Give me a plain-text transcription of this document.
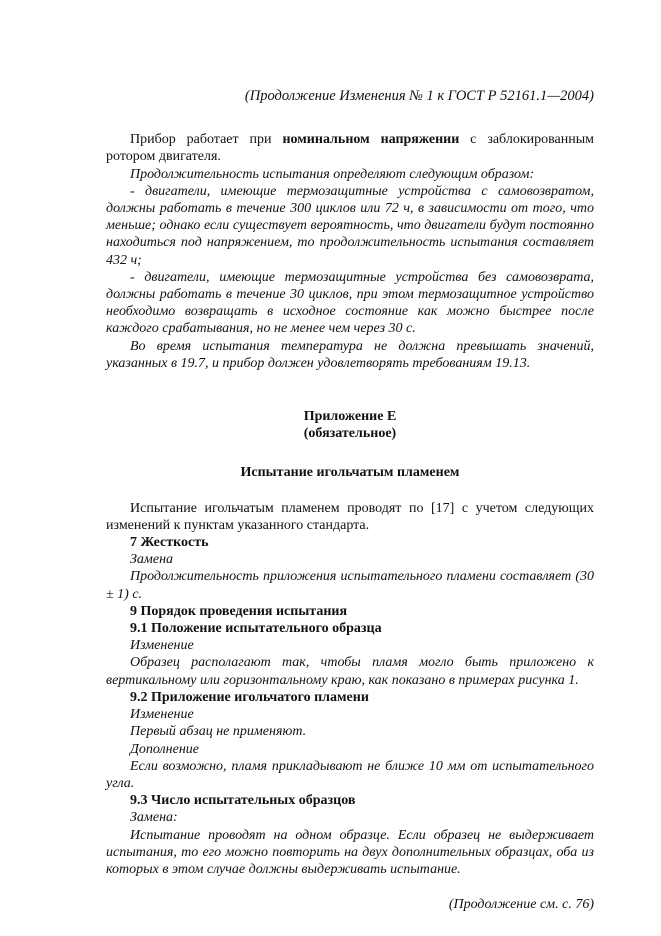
(Продолжение Изменения № 1 к ГОСТ Р 52161.1—2004)

Прибор работает при номинальном напряжении с заблокированным ротором двигателя.

Продолжительность испытания определяют следующим образом:

- двигатели, имеющие термозащитные устройства с самовозвратом, должны работать в течение 300 циклов или 72 ч, в зависимости от того, что меньше; однако если существует вероятность, что двигатели будут постоянно находиться под напряжением, то продолжительность испытания составляет 432 ч;

- двигатели, имеющие термозащитные устройства без самовозврата, должны работать в течение 30 циклов, при этом термозащитное устройство необходимо возвращать в исходное состояние как можно быстрее после каждого срабатывания, но не менее чем через 30 с.

Во время испытания температура не должна превышать значений, указанных в 19.7, и прибор должен удовлетворять требованиям 19.13.

Приложение Е

(обязательное)

Испытание игольчатым пламенем

Испытание игольчатым пламенем проводят по [17] с учетом следующих изменений к пунктам указанного стандарта.

7 Жесткость

Замена

Продолжительность приложения испытательного пламени составляет (30 ± 1) с.

9 Порядок проведения испытания

9.1 Положение испытательного образца

Изменение

Образец располагают так, чтобы пламя могло быть приложено к вертикальному или горизонтальному краю, как показано в примерах рисунка 1.

9.2 Приложение игольчатого пламени

Изменение

Первый абзац не применяют.

Дополнение

Если возможно, пламя прикладывают не ближе 10 мм от испытательного угла.

9.3 Число испытательных образцов

Замена:

Испытание проводят на одном образце. Если образец не выдерживает испытания, то его можно повторить на двух дополнительных образцах, оба из которых в этом случае должны выдерживать испытание.

(Продолжение см. с. 76)
